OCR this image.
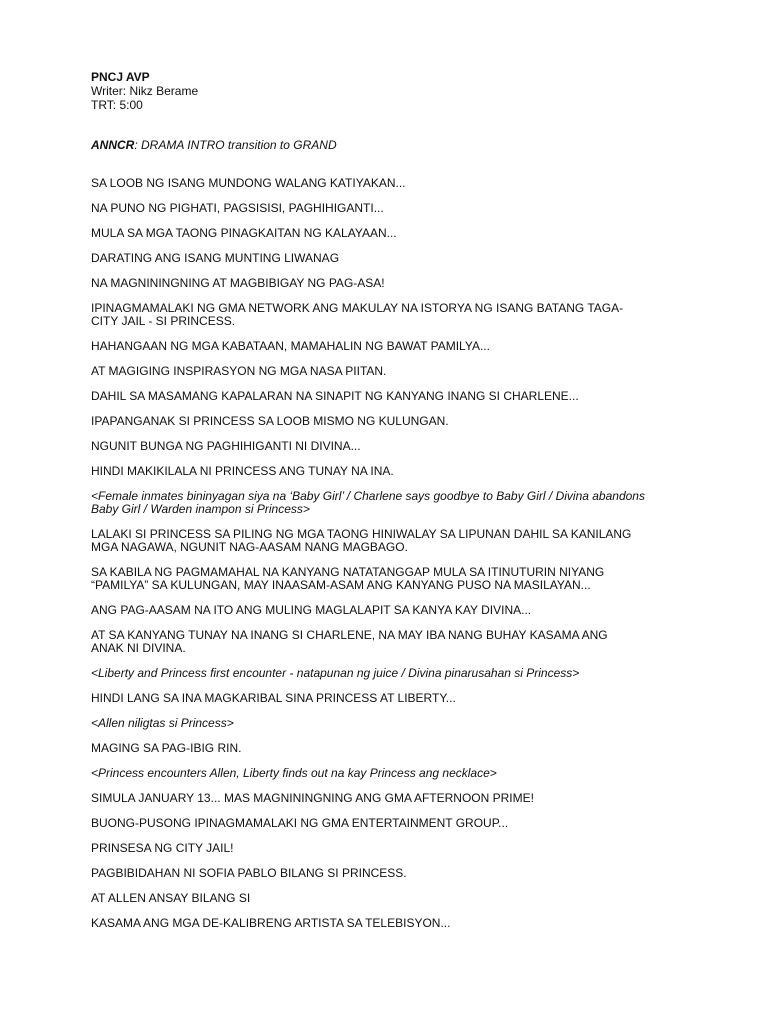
PNCJ AVP

Writer: Nikz Berame

TRT: 5:00

ANNCR: DRAMA INTRO transition to GRAND

SA LOOB NG ISANG MUNDONG WALANG KATIYAKAN...

NA PUNO NG PIGHATI, PAGSISISI, PAGHIHIGANTI...

MULA SA MGA TAONG PINAGKAITAN NG KALAYAAN...

DARATING ANG ISANG MUNTING LIWANAG

NA MAGNININGNING AT MAGBIBIGAY NG PAG-ASA!

IPINAGMAMALAKI NG GMA NETWORK ANG MAKULAY NA ISTORYA NG ISANG BATANG TAGA-
CITY JAIL - SI PRINCESS.

HAHANGAAN NG MGA KABATAAN, MAMAHALIN NG BAWAT PAMILYA...

AT MAGIGING INSPIRASYON NG MGA NASA PIITAN.

DAHIL SA MASAMANG KAPALARAN NA SINAPIT NG KANYANG INANG SI CHARLENE...

IPAPANGANAK SI PRINCESS SA LOOB MISMO NG KULUNGAN.

NGUNIT BUNGA NG PAGHIHIGANTI NI DIVINA...

HINDI MAKIKILALA NI PRINCESS ANG TUNAY NA INA.

<Female inmates bininyagan siya na ‘Baby Girl’ / Charlene says goodbye to Baby Girl / Divina abandons
Baby Girl / Warden inampon si Princess>

LALAKI SI PRINCESS SA PILING NG MGA TAONG HINIWALAY SA LIPUNAN DAHIL SA KANILANG
MGA NAGAWA, NGUNIT NAG-AASAM NANG MAGBAGO.

SA KABILA NG PAGMAMAHAL NA KANYANG NATATANGGAP MULA SA ITINUTURIN NIYANG
“PAMILYA” SA KULUNGAN, MAY INAASAM-ASAM ANG KANYANG PUSO NA MASILAYAN...

ANG PAG-AASAM NA ITO ANG MULING MAGLALAPIT SA KANYA KAY DIVINA...

AT SA KANYANG TUNAY NA INANG SI CHARLENE, NA MAY IBA NANG BUHAY KASAMA ANG
ANAK NI DIVINA.

<Liberty and Princess first encounter - natapunan ng juice / Divina pinarusahan si Princess>

HINDI LANG SA INA MAGKARIBAL SINA PRINCESS AT LIBERTY...

<Allen niligtas si Princess>

MAGING SA PAG-IBIG RIN.

<Princess encounters Allen, Liberty finds out na kay Princess ang necklace>

SIMULA JANUARY 13... MAS MAGNININGNING ANG GMA AFTERNOON PRIME!

BUONG-PUSONG IPINAGMAMALAKI NG GMA ENTERTAINMENT GROUP...

PRINSESA NG CITY JAIL!

PAGBIBIDAHAN NI SOFIA PABLO BILANG SI PRINCESS.

AT ALLEN ANSAY BILANG SI

KASAMA ANG MGA DE-KALIBRENG ARTISTA SA TELEBISYON...
